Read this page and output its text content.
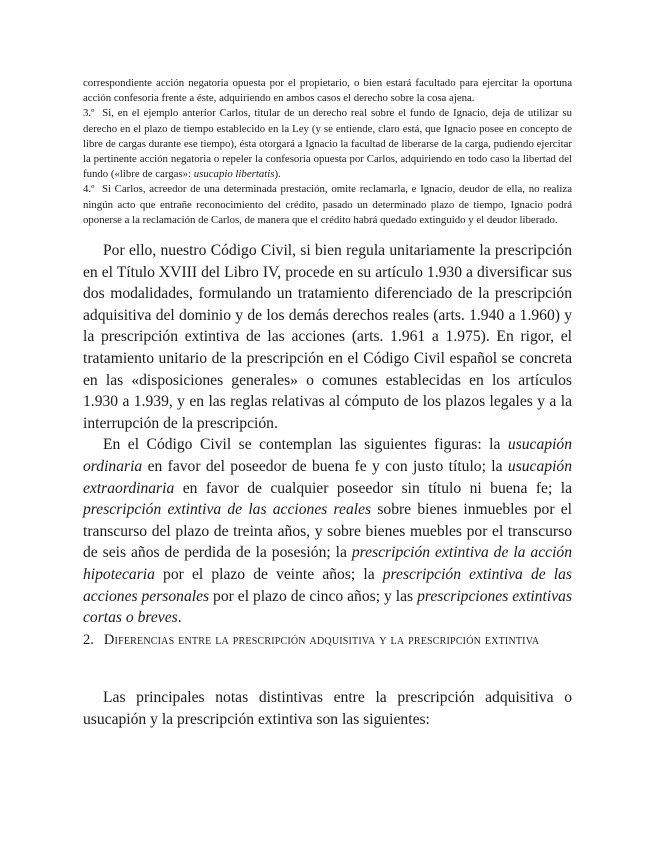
correspondiente acción negatoria opuesta por el propietario, o bien estará facultado para ejercitar la oportuna acción confesoria frente a éste, adquiriendo en ambos casos el derecho sobre la cosa ajena.

3.º Si, en el ejemplo anterior Carlos, titular de un derecho real sobre el fundo de Ignacio, deja de utilizar su derecho en el plazo de tiempo establecido en la Ley (y se entiende, claro está, que Ignacio posee en concepto de libre de cargas durante ese tiempo), ésta otorgará a Ignacio la facultad de liberarse de la carga, pudiendo ejercitar la pertinente acción negatoria o repeler la confesoria opuesta por Carlos, adquiriendo en todo caso la libertad del fundo («libre de cargas»: usucapio libertatis).

4.º Si Carlos, acreedor de una determinada prestación, omite reclamarla, e Ignacio, deudor de ella, no realiza ningún acto que entrañe reconocimiento del crédito, pasado un determinado plazo de tiempo, Ignacio podrá oponerse a la reclamación de Carlos, de manera que el crédito habrá quedado extinguido y el deudor liberado.

Por ello, nuestro Código Civil, si bien regula unitariamente la prescripción en el Título XVIII del Libro IV, procede en su artículo 1.930 a diversificar sus dos modalidades, formulando un tratamiento diferenciado de la prescripción adquisitiva del dominio y de los demás derechos reales (arts. 1.940 a 1.960) y la prescripción extintiva de las acciones (arts. 1.961 a 1.975). En rigor, el tratamiento unitario de la prescripción en el Código Civil español se concreta en las «disposiciones generales» o comunes establecidas en los artículos 1.930 a 1.939, y en las reglas relativas al cómputo de los plazos legales y a la interrupción de la prescripción.

En el Código Civil se contemplan las siguientes figuras: la usucapión ordinaria en favor del poseedor de buena fe y con justo título; la usucapión extraordinaria en favor de cualquier poseedor sin título ni buena fe; la prescripción extintiva de las acciones reales sobre bienes inmuebles por el transcurso del plazo de treinta años, y sobre bienes muebles por el transcurso de seis años de perdida de la posesión; la prescripción extintiva de la acción hipotecaria por el plazo de veinte años; la prescripción extintiva de las acciones personales por el plazo de cinco años; y las prescripciones extintivas cortas o breves.

2. Diferencias entre la prescripción adquisitiva y la prescripción extintiva

Las principales notas distintivas entre la prescripción adquisitiva o usucapión y la prescripción extintiva son las siguientes:
